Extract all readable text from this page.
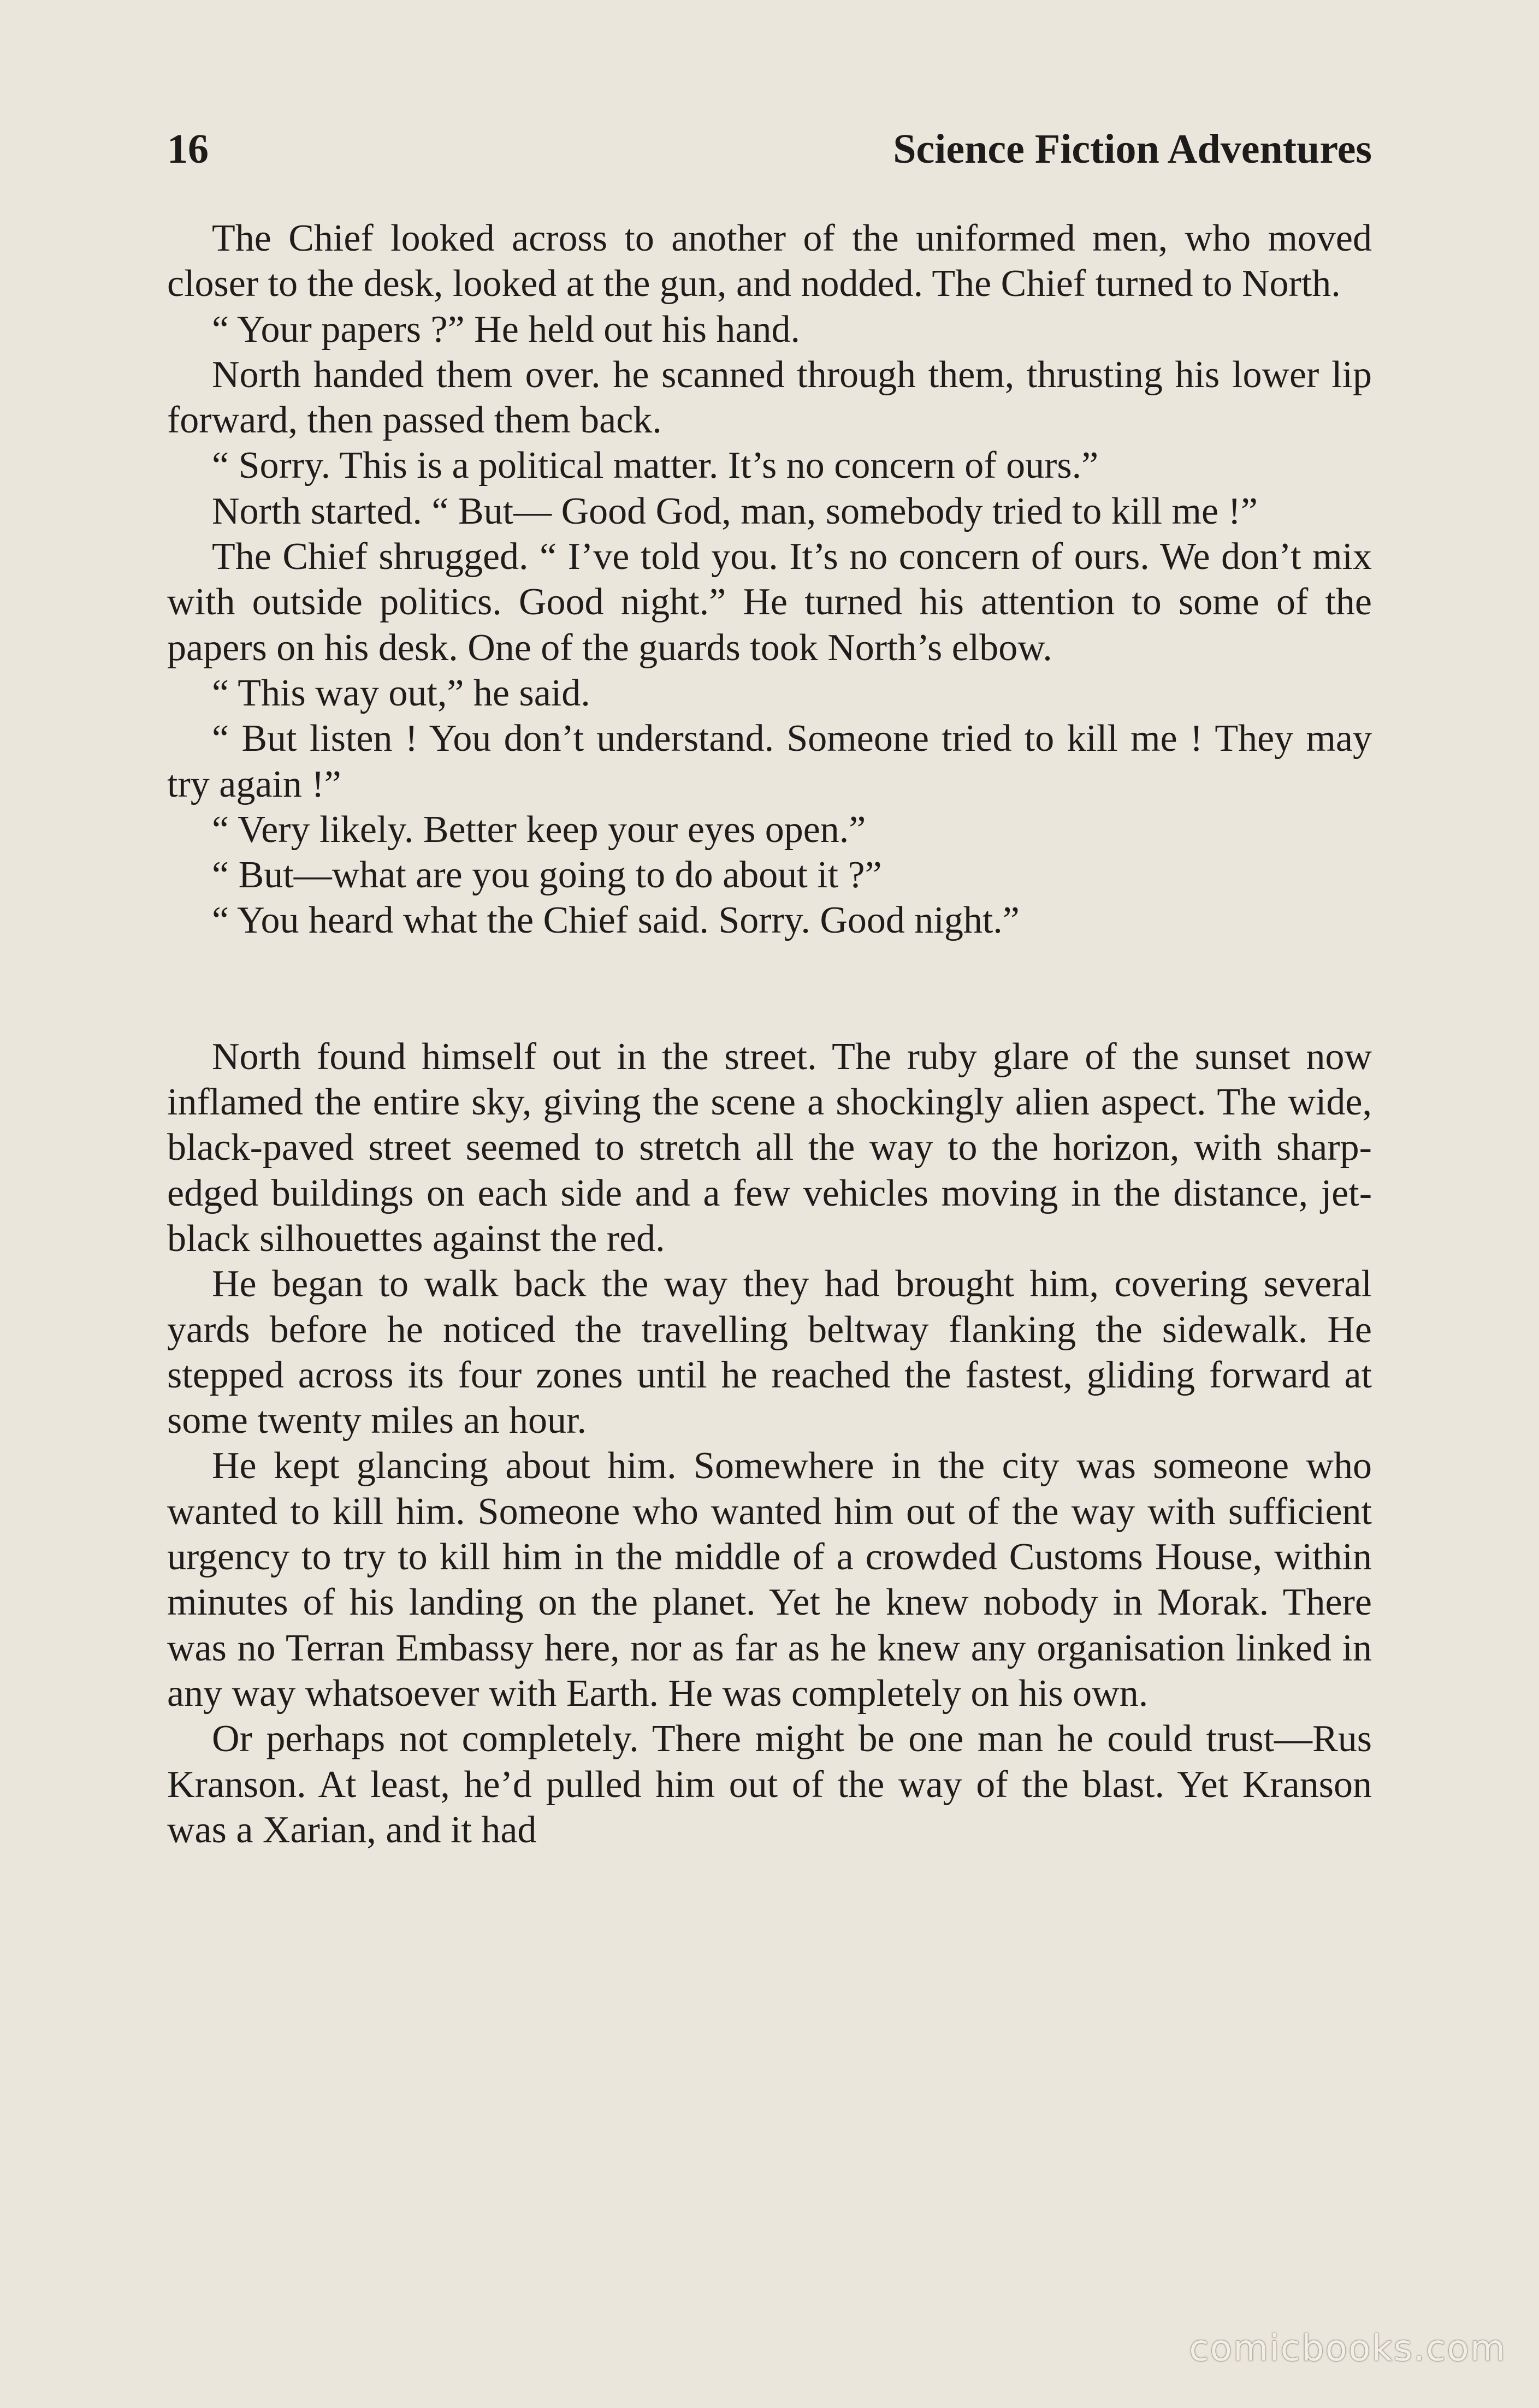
16	Science Fiction Adventures

The Chief looked across to another of the uniformed men, who moved closer to the desk, looked at the gun, and nodded. The Chief turned to North.

“ Your papers ?” He held out his hand.

North handed them over. he scanned through them, thrusting his lower lip forward, then passed them back.

“ Sorry. This is a political matter. It’s no concern of ours.”

North started. “ But— Good God, man, somebody tried to kill me !”

The Chief shrugged. “ I’ve told you. It’s no concern of ours. We don’t mix with outside politics. Good night.” He turned his attention to some of the papers on his desk. One of the guards took North’s elbow.

“ This way out,” he said.

“ But listen ! You don’t understand. Someone tried to kill me ! They may try again !”

“ Very likely. Better keep your eyes open.”

“ But—what are you going to do about it ?”

“ You heard what the Chief said. Sorry. Good night.”

North found himself out in the street. The ruby glare of the sunset now inflamed the entire sky, giving the scene a shockingly alien aspect. The wide, black-paved street seemed to stretch all the way to the horizon, with sharp-edged buildings on each side and a few vehicles moving in the distance, jet-black silhouettes against the red.

He began to walk back the way they had brought him, covering several yards before he noticed the travelling beltway flanking the sidewalk. He stepped across its four zones until he reached the fastest, gliding forward at some twenty miles an hour.

He kept glancing about him. Somewhere in the city was someone who wanted to kill him. Someone who wanted him out of the way with sufficient urgency to try to kill him in the middle of a crowded Customs House, within minutes of his landing on the planet. Yet he knew nobody in Morak. There was no Terran Embassy here, nor as far as he knew any organisation linked in any way whatsoever with Earth. He was completely on his own.

Or perhaps not completely. There might be one man he could trust—Rus Kranson. At least, he’d pulled him out of the way of the blast. Yet Kranson was a Xarian, and it had

comicbooks.com
